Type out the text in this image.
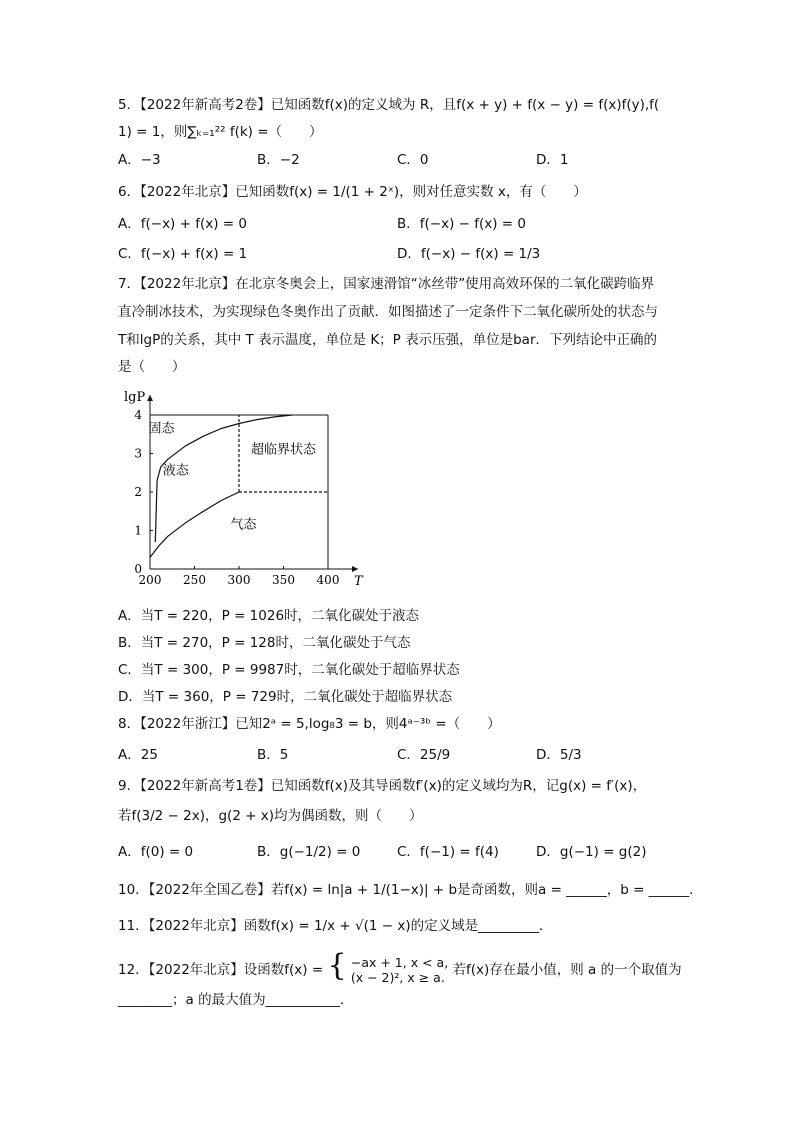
5．【2022年新高考2卷】已知函数f(x)的定义域为 R，且f(x + y) + f(x − y) = f(x)f(y),f(
1) = 1，则∑ₖ₌₁²² f(k) =（　　）
A．−3	B．−2	C．0	D．1
6．【2022年北京】已知函数f(x) = 1/(1 + 2ˣ)，则对任意实数 x，有（　　）
A．f(−x) + f(x) = 0	B．f(−x) − f(x) = 0
C．f(−x) + f(x) = 1	D．f(−x) − f(x) = 1/3
7．【2022年北京】在北京冬奥会上，国家速滑馆“冰丝带”使用高效环保的二氧化碳跨临界
直冷制冰技术，为实现绿色冬奥作出了贡献．如图描述了一定条件下二氧化碳所处的状态与
T和lgP的关系，其中 T 表示温度，单位是 K；P 表示压强，单位是bar．下列结论中正确的
是（　　）
200 250 300 350 400
0
1
2
3
4
T
lgP
固态
液态
超临界状态
气态
A．当T = 220，P = 1026时，二氧化碳处于液态
B．当T = 270，P = 128时，二氧化碳处于气态
C．当T = 300，P = 9987时，二氧化碳处于超临界状态
D．当T = 360，P = 729时，二氧化碳处于超临界状态
8．【2022年浙江】已知2ᵃ = 5,log₈3 = b，则4ᵃ⁻³ᵇ =（　　）
A．25	B．5	C．25/9	D．5/3
9．【2022年新高考1卷】已知函数f(x)及其导函数f′(x)的定义域均为R，记g(x) = f′(x)，
若f(3/2 − 2x)，g(2 + x)均为偶函数，则（　　）
A．f(0) = 0	B．g(−1/2) = 0	C．f(−1) = f(4)	D．g(−1) = g(2)
10．【2022年全国乙卷】若f(x) = ln|a + 1/(1−x)| + b是奇函数，则a = ______，b = ______．
11．【2022年北京】函数f(x) = 1/x + √(1 − x)的定义域是_________．
12．【2022年北京】设函数f(x) = { −ax + 1, x < a,
(x − 2)², x ≥ a. 若f(x)存在最小值，则 a 的一个取值为
________；a 的最大值为___________．
